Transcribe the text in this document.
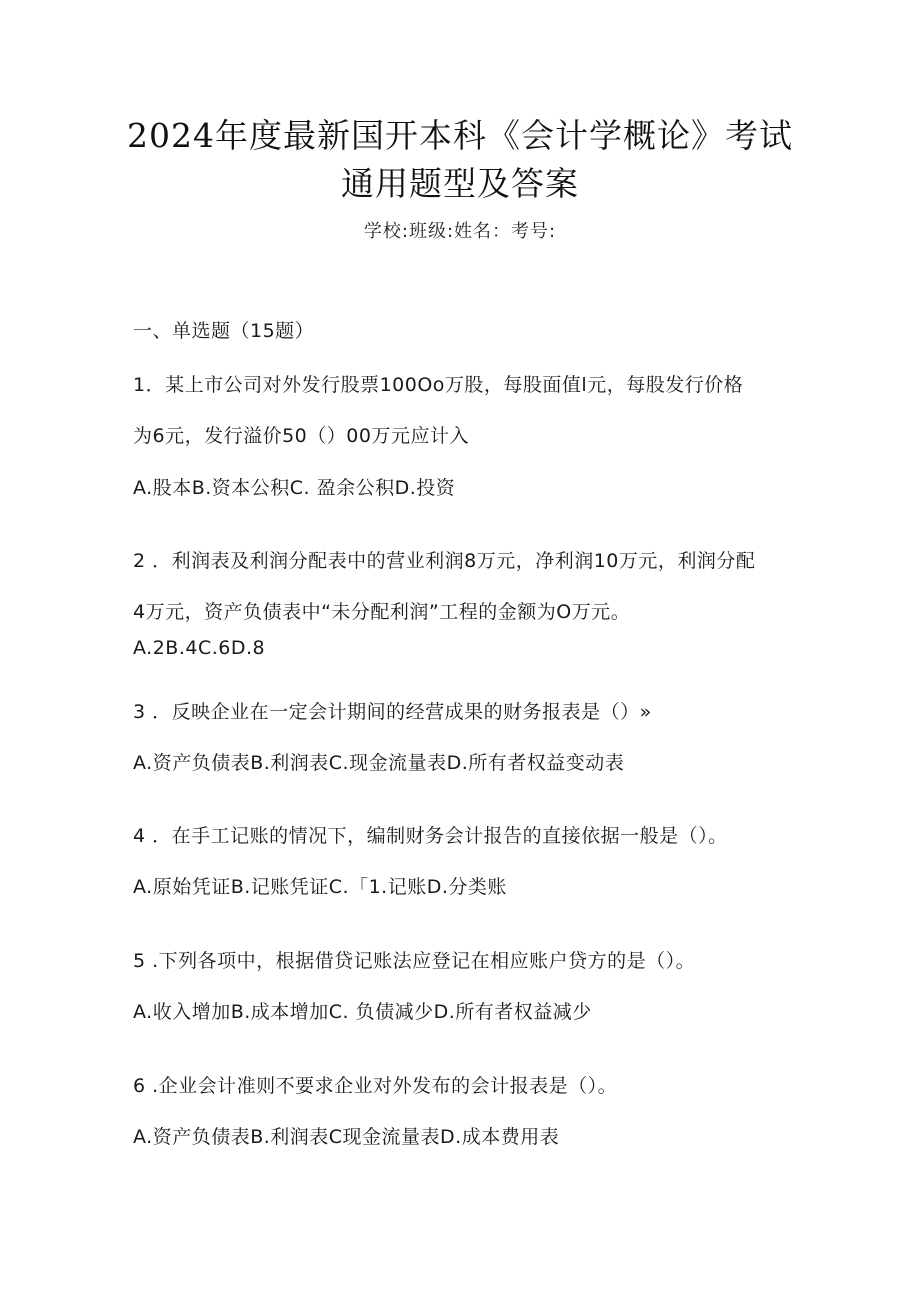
2024年度最新国开本科《会计学概论》考试
通用题型及答案
学校:班级:姓名：考号:
一、单选题（15题）
1．某上市公司对外发行股票100Oo万股，每股面值l元，每股发行价格
为6元，发行溢价50（）00万元应计入
A.股本B.资本公积C. 盈余公积D.投资
2 ．利润表及利润分配表中的营业利润8万元，净利润10万元，利润分配
4万元，资产负债表中“未分配利润”工程的金额为O万元。
A.2B.4C.6D.8
3 ．反映企业在一定会计期间的经营成果的财务报表是（）»
A.资产负债表B.利润表C.现金流量表D.所有者权益变动表
4 ．在手工记账的情况下，编制财务会计报告的直接依据一般是（）。
A.原始凭证B.记账凭证C.「1.记账D.分类账
5 .下列各项中，根据借贷记账法应登记在相应账户贷方的是（）。
A.收入增加B.成本增加C. 负债减少D.所有者权益减少
6 .企业会计准则不要求企业对外发布的会计报表是（）。
A.资产负债表B.利润表C现金流量表D.成本费用表
